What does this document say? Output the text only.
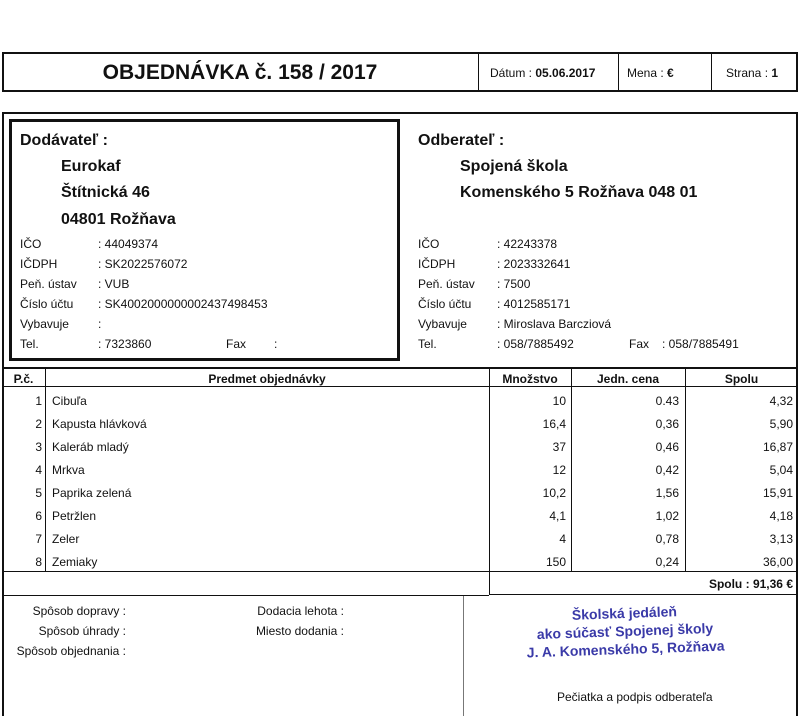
OBJEDNÁVKA č. 158 / 2017	Dátum : 05.06.2017	Mena : €	Strana : 1
Dodávateľ :
Eurokaf
Štítnická 46
04801 Rožňava
IČO	: 44049374
IČDPH	: SK2022576072
Peň. ústav : VUB
Číslo účtu : SK4002000000002437498453
Vybavuje :
Tel.	: 7323860	Fax :
Odberateľ :
Spojená škola
Komenského 5 Rožňava 048 01
IČO	: 42243378
IČDPH	: 2023332641
Peň. ústav : 7500
Číslo účtu : 4012585171
Vybavuje	: Miroslava Barcziová
Tel.	: 058/7885492	Fax : 058/7885491
P.č.	Predmet objednávky	Množstvo	Jedn. cena	Spolu
1 Cibuľa	10	0.43	4,32
2 Kapusta hlávková	16,4	0,36	5,90
3 Kaleráb mladý	37	0,46	16,87
4 Mrkva	12	0,42	5,04
5 Paprika zelená	10,2	1,56	15,91
6 Petržlen	4,1	1,02	4,18
7 Zeler	4	0,78	3,13
8 Zemiaky	150	0,24	36,00
Spolu : 91,36 €
Spôsob dopravy :
Spôsob úhrady :
Spôsob objednania :
Dodacia lehota :
Miesto dodania :
Školská jedáleň
ako súčasť Spojenej školy
J. A. Komenského 5, Rožňava
Pečiatka a podpis odberateľa
